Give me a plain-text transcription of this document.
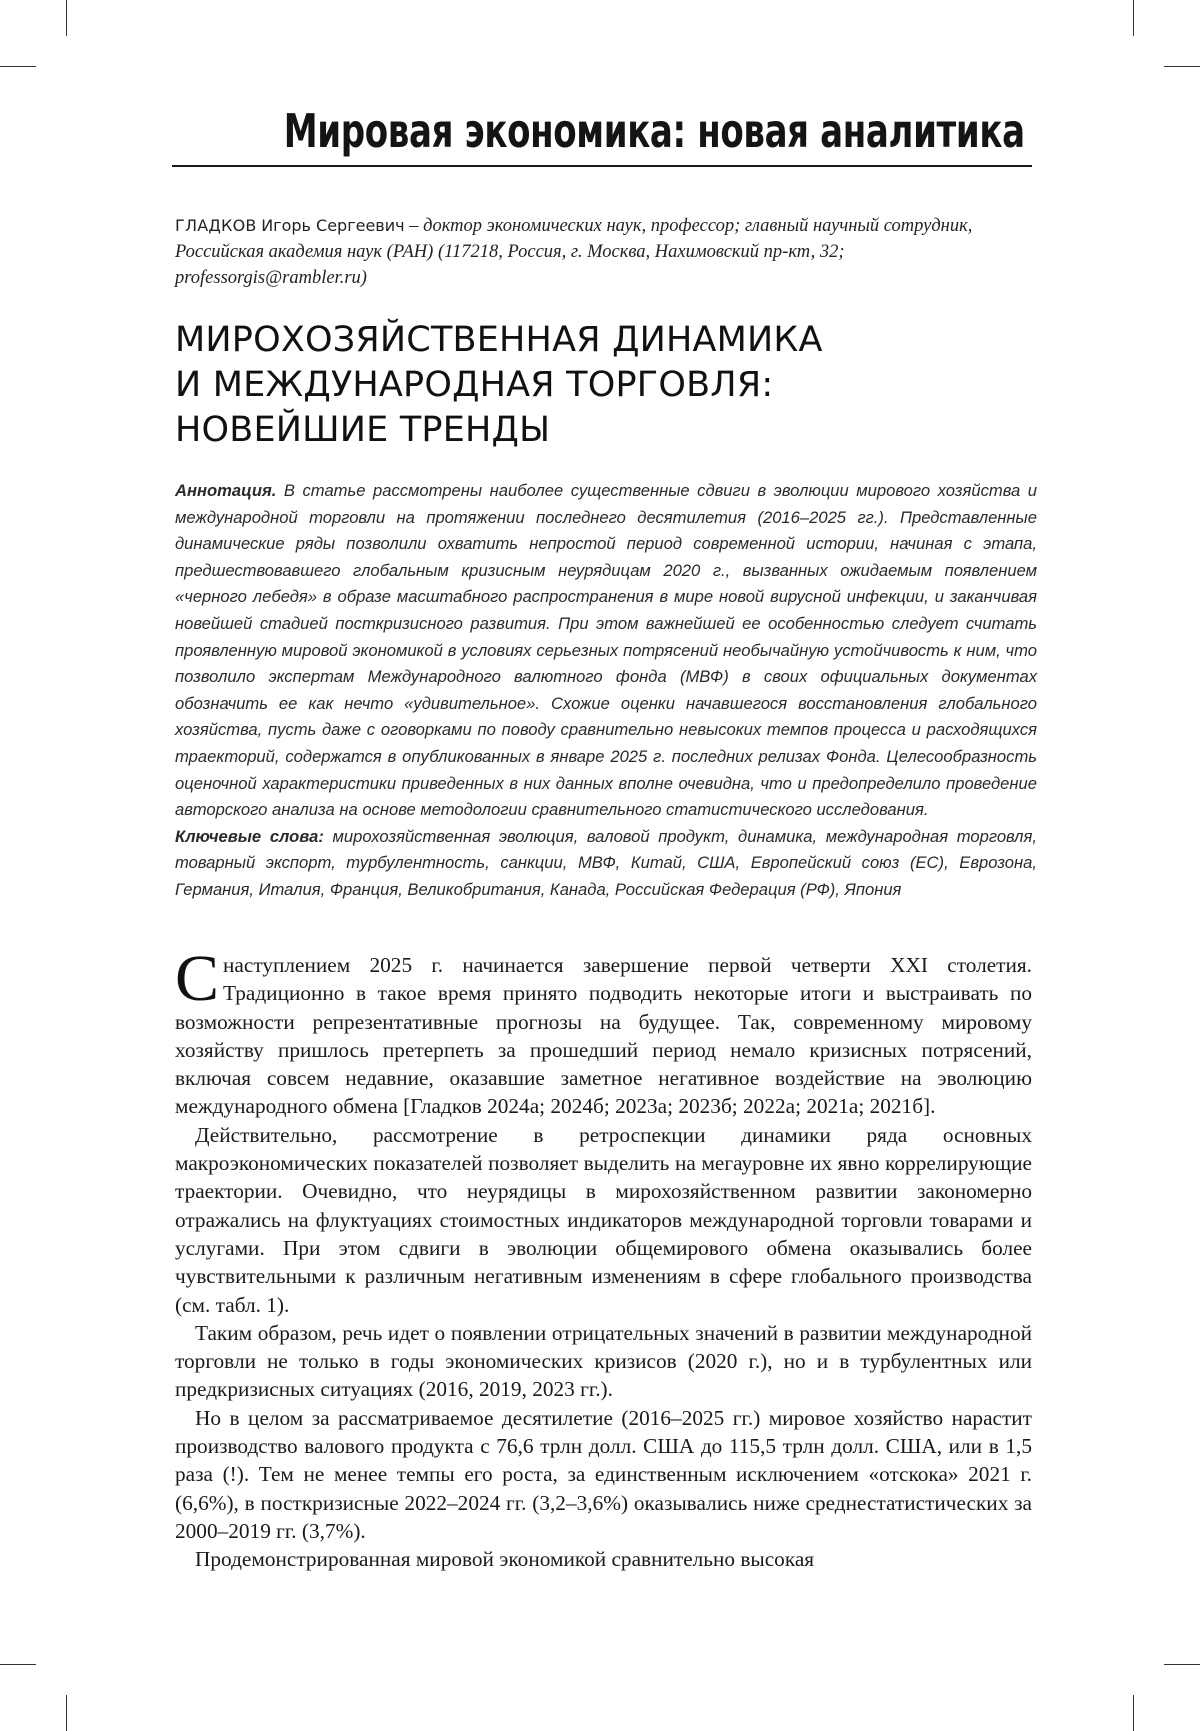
Мировая экономика: новая аналитика
ГЛАДКОВ Игорь Сергеевич – доктор экономических наук, профессор; главный научный сотрудник, Российская академия наук (РАН) (117218, Россия, г. Москва, Нахимовский пр-кт, 32; professorgis@rambler.ru)
МИРОХОЗЯЙСТВЕННАЯ ДИНАМИКА
И МЕЖДУНАРОДНАЯ ТОРГОВЛЯ:
НОВЕЙШИЕ ТРЕНДЫ

Аннотация. В статье рассмотрены наиболее существенные сдвиги в эволюции мирового хозяйства и международной торговли на протяжении последнего десятилетия (2016–2025 гг.). Представленные динамические ряды позволили охватить непростой период современной истории, начиная с этапа, предшествовавшего глобальным кризисным неурядицам 2020 г., вызванных ожидаемым появлением «черного лебедя» в образе масштабного распространения в мире новой вирусной инфекции, и заканчивая новейшей стадией посткризисного развития. При этом важнейшей ее особенностью следует считать проявленную мировой экономикой в условиях серьезных потрясений необычайную устойчивость к ним, что позволило экспертам Международного валютного фонда (МВФ) в своих официальных документах обозначить ее как нечто «удивительное». Схожие оценки начавшегося восстановления глобального хозяйства, пусть даже с оговорками по поводу сравнительно невысоких темпов процесса и расходящихся траекторий, содержатся в опубликованных в январе 2025 г. последних релизах Фонда. Целесообразность оценочной характеристики приведенных в них данных вполне очевидна, что и предопределило проведение авторского анализа на основе методологии сравнительного статистического исследования.

Ключевые слова: мирохозяйственная эволюция, валовой продукт, динамика, международная торговля, товарный экспорт, турбулентность, санкции, МВФ, Китай, США, Европейский союз (ЕС), Еврозона, Германия, Италия, Франция, Великобритания, Канада, Российская Федерация (РФ), Япония

С наступлением 2025 г. начинается завершение первой четверти XXI столетия. Традиционно в такое время принято подводить некоторые итоги и выстраивать по возможности репрезентативные прогнозы на будущее. Так, современному мировому хозяйству пришлось претерпеть за прошедший период немало кризисных потрясений, включая совсем недавние, оказавшие заметное негативное воздействие на эволюцию международного обмена [Гладков 2024а; 2024б; 2023а; 2023б; 2022а; 2021а; 2021б].

Действительно, рассмотрение в ретроспекции динамики ряда основных макроэкономических показателей позволяет выделить на мегауровне их явно коррелирующие траектории. Очевидно, что неурядицы в мирохозяйственном развитии закономерно отражались на флуктуациях стоимостных индикаторов международной торговли товарами и услугами. При этом сдвиги в эволюции общемирового обмена оказывались более чувствительными к различным негативным изменениям в сфере глобального производства (см. табл. 1).

Таким образом, речь идет о появлении отрицательных значений в развитии международной торговли не только в годы экономических кризисов (2020 г.), но и в турбулентных или предкризисных ситуациях (2016, 2019, 2023 гг.).

Но в целом за рассматриваемое десятилетие (2016–2025 гг.) мировое хозяйство нарастит производство валового продукта с 76,6 трлн долл. США до 115,5 трлн долл. США, или в 1,5 раза (!). Тем не менее темпы его роста, за единственным исключением «отскока» 2021 г. (6,6%), в посткризисные 2022–2024 гг. (3,2–3,6%) оказывались ниже среднестатистических за 2000–2019 гг. (3,7%).

Продемонстрированная мировой экономикой сравнительно высокая
